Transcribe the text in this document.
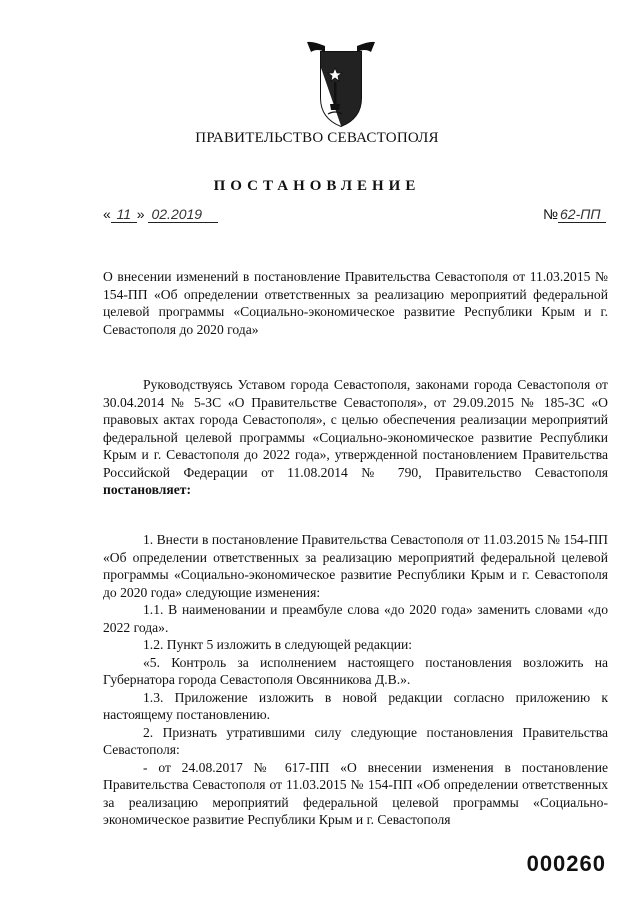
ПРАВИТЕЛЬСТВО СЕВАСТОПОЛЯ
ПОСТАНОВЛЕНИЕ
« 11 » 02.2019	№ 62-ПП

О внесении изменений в постановление Правительства Севастополя от 11.03.2015 № 154-ПП «Об определении ответственных за реализацию мероприятий федеральной целевой программы «Социально-экономическое развитие Республики Крым и г. Севастополя до 2020 года»

Руководствуясь Уставом города Севастополя, законами города Севастополя от 30.04.2014 № 5-ЗС «О Правительстве Севастополя», от 29.09.2015 № 185-ЗС «О правовых актах города Севастополя», с целью обеспечения реализации мероприятий федеральной целевой программы «Социально-экономическое развитие Республики Крым и г. Севастополя до 2022 года», утвержденной постановлением Правительства Российской Федерации от 11.08.2014 № 790, Правительство Севастополя постановляет:

1. Внести в постановление Правительства Севастополя от 11.03.2015 № 154-ПП «Об определении ответственных за реализацию мероприятий федеральной целевой программы «Социально-экономическое развитие Республики Крым и г. Севастополя до 2020 года» следующие изменения:

1.1. В наименовании и преамбуле слова «до 2020 года» заменить словами «до 2022 года».

1.2. Пункт 5 изложить в следующей редакции:

«5. Контроль за исполнением настоящего постановления возложить на Губернатора города Севастополя Овсянникова Д.В.».

1.3. Приложение изложить в новой редакции согласно приложению к настоящему постановлению.

2. Признать утратившими силу следующие постановления Правительства Севастополя:

- от 24.08.2017 № 617-ПП «О внесении изменения в постановление Правительства Севастополя от 11.03.2015 № 154-ПП «Об определении ответственных за реализацию мероприятий федеральной целевой программы «Социально-экономическое развитие Республики Крым и г. Севастополя

000260
